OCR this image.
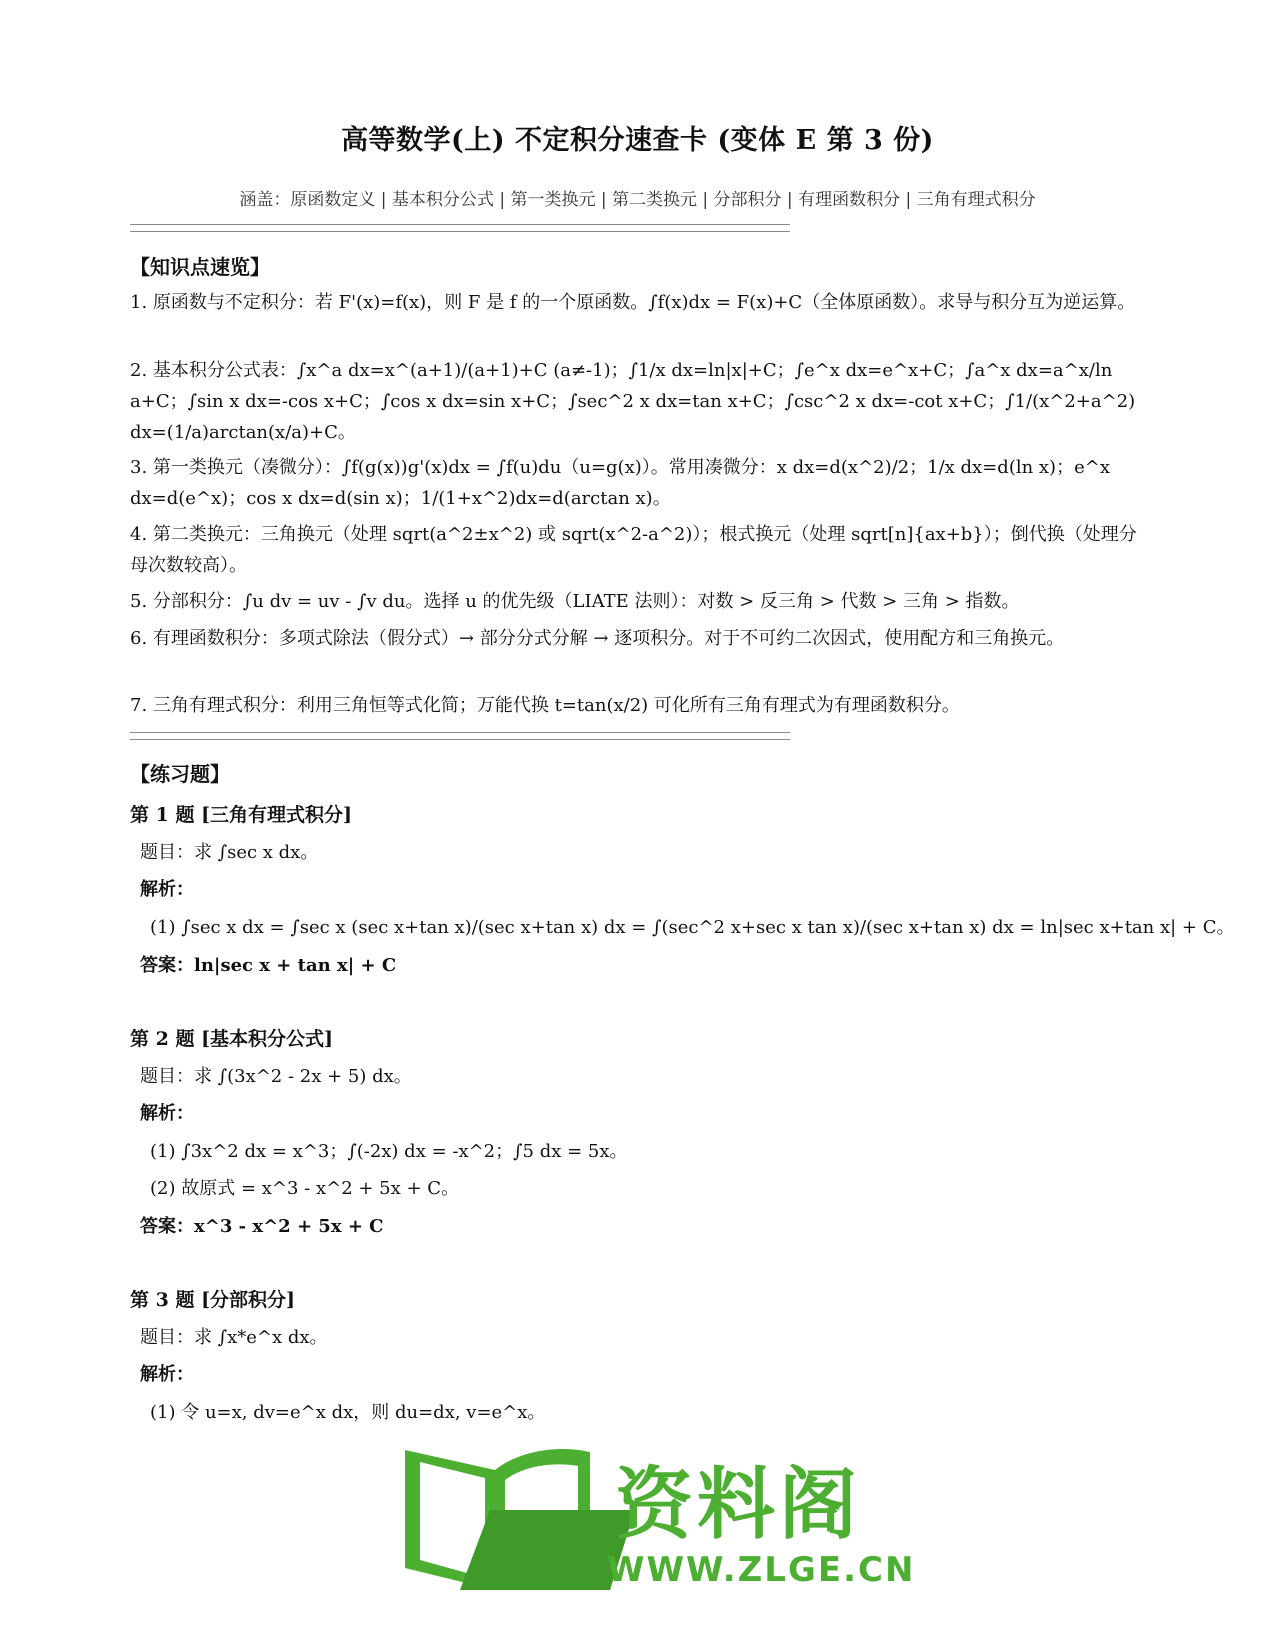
高等数学(上) 不定积分速查卡 (变体 E 第 3 份)
涵盖：原函数定义 | 基本积分公式 | 第一类换元 | 第二类换元 | 分部积分 | 有理函数积分 | 三角有理式积分
【知识点速览】
1. 原函数与不定积分：若 F'(x)=f(x)，则 F 是 f 的一个原函数。∫f(x)dx = F(x)+C（全体原函数）。求导与积分互为逆运算。
2. 基本积分公式表：∫x^a dx=x^(a+1)/(a+1)+C (a≠-1)；∫1/x dx=ln|x|+C；∫e^x dx=e^x+C；∫a^x dx=a^x/ln a+C；∫sin x dx=-cos x+C；∫cos x dx=sin x+C；∫sec^2 x dx=tan x+C；∫csc^2 x dx=-cot x+C；∫1/(x^2+a^2) dx=(1/a)arctan(x/a)+C。
3. 第一类换元（凑微分）：∫f(g(x))g'(x)dx = ∫f(u)du（u=g(x)）。常用凑微分：x dx=d(x^2)/2；1/x dx=d(ln x)；e^x dx=d(e^x)；cos x dx=d(sin x)；1/(1+x^2)dx=d(arctan x)。
4. 第二类换元：三角换元（处理 sqrt(a^2±x^2) 或 sqrt(x^2-a^2)）；根式换元（处理 sqrt[n]{ax+b}）；倒代换（处理分母次数较高）。
5. 分部积分：∫u dv = uv - ∫v du。选择 u 的优先级（LIATE 法则）：对数 > 反三角 > 代数 > 三角 > 指数。
6. 有理函数积分：多项式除法（假分式）→ 部分分式分解 → 逐项积分。对于不可约二次因式，使用配方和三角换元。
7. 三角有理式积分：利用三角恒等式化简；万能代换 t=tan(x/2) 可化所有三角有理式为有理函数积分。
【练习题】
第 1 题 [三角有理式积分]
题目：求 ∫sec x dx。
解析：
(1) ∫sec x dx = ∫sec x (sec x+tan x)/(sec x+tan x) dx = ∫(sec^2 x+sec x tan x)/(sec x+tan x) dx = ln|sec x+tan x| + C。
答案：ln|sec x + tan x| + C
第 2 题 [基本积分公式]
题目：求 ∫(3x^2 - 2x + 5) dx。
解析：
(1) ∫3x^2 dx = x^3；∫(-2x) dx = -x^2；∫5 dx = 5x。
(2) 故原式 = x^3 - x^2 + 5x + C。
答案：x^3 - x^2 + 5x + C
第 3 题 [分部积分]
题目：求 ∫x*e^x dx。
解析：
(1) 令 u=x, dv=e^x dx，则 du=dx, v=e^x。
资料阁
WWW.ZLGE.CN
